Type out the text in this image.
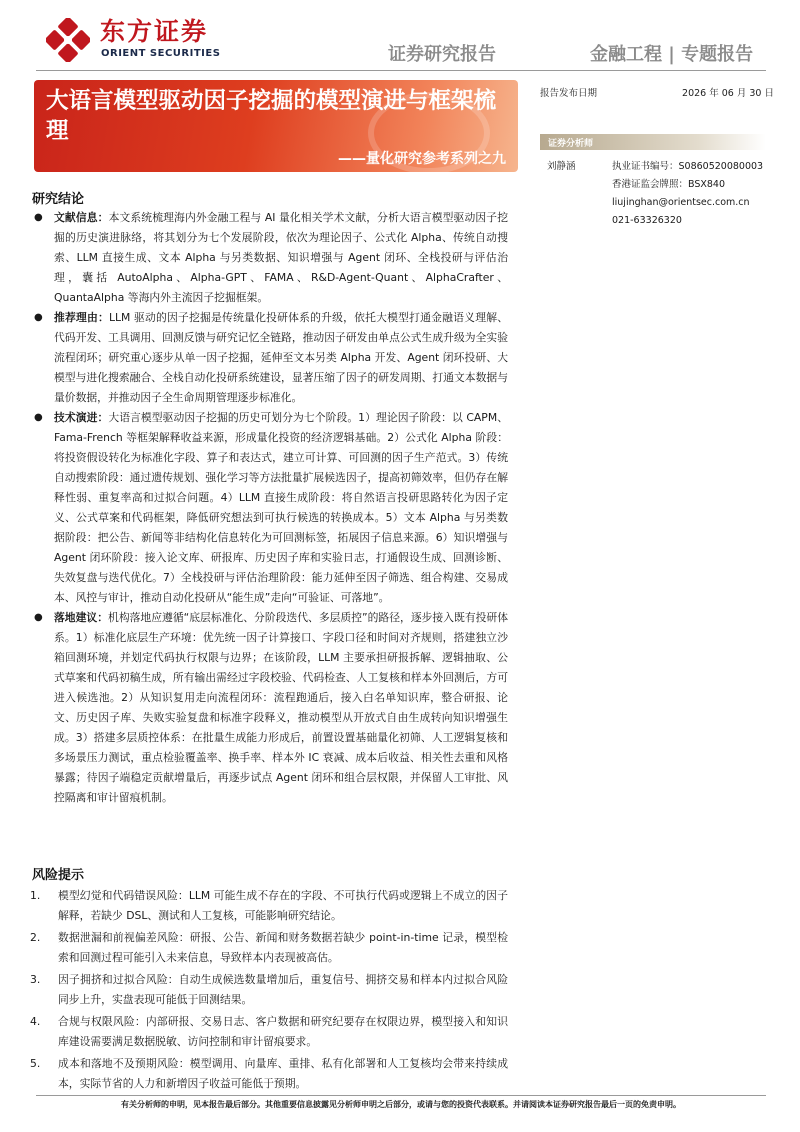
东方证券
ORIENT SECURITIES	证券研究报告	金融工程 | 专题报告
大语言模型驱动因子挖掘的模型演进与框架梳理
——量化研究参考系列之九
报告发布日期	2026 年 06 月 30 日
证券分析师
刘静涵	执业证书编号：S0860520080003
香港证监会牌照：BSX840
liujinghan@orientsec.com.cn
021-63326320
研究结论
● 文献信息：本文系统梳理海内外金融工程与 AI 量化相关学术文献，分析大语言模型驱动因子挖掘的历史演进脉络，将其划分为七个发展阶段，依次为理论因子、公式化 Alpha、传统自动搜索、LLM 直接生成、文本 Alpha 与另类数据、知识增强与 Agent 闭环、全栈投研与评估治理，囊括 AutoAlpha、Alpha-GPT、FAMA、R&D-Agent-Quant、AlphaCrafter、QuantaAlpha 等海内外主流因子挖掘框架。
● 推荐理由：LLM 驱动的因子挖掘是传统量化投研体系的升级，依托大模型打通金融语义理解、代码开发、工具调用、回测反馈与研究记忆全链路，推动因子研发由单点公式生成升级为全实验流程闭环；研究重心逐步从单一因子挖掘，延伸至文本另类 Alpha 开发、Agent 闭环投研、大模型与进化搜索融合、全栈自动化投研系统建设，显著压缩了因子的研发周期、打通文本数据与量价数据，并推动因子全生命周期管理逐步标准化。
● 技术演进：大语言模型驱动因子挖掘的历史可划分为七个阶段。1）理论因子阶段：以 CAPM、Fama-French 等框架解释收益来源，形成量化投资的经济逻辑基础。2）公式化 Alpha 阶段：将投资假设转化为标准化字段、算子和表达式，建立可计算、可回测的因子生产范式。3）传统自动搜索阶段：通过遗传规划、强化学习等方法批量扩展候选因子，提高初筛效率，但仍存在解释性弱、重复率高和过拟合问题。4）LLM 直接生成阶段：将自然语言投研思路转化为因子定义、公式草案和代码框架，降低研究想法到可执行候选的转换成本。5）文本 Alpha 与另类数据阶段：把公告、新闻等非结构化信息转化为可回测标签，拓展因子信息来源。6）知识增强与 Agent 闭环阶段：接入论文库、研报库、历史因子库和实验日志，打通假设生成、回测诊断、失效复盘与迭代优化。7）全栈投研与评估治理阶段：能力延伸至因子筛选、组合构建、交易成本、风控与审计，推动自动化投研从“能生成”走向“可验证、可落地”。
● 落地建议：机构落地应遵循“底层标准化、分阶段迭代、多层质控”的路径，逐步接入既有投研体系。1）标准化底层生产环境：优先统一因子计算接口、字段口径和时间对齐规则，搭建独立沙箱回测环境，并划定代码执行权限与边界；在该阶段，LLM 主要承担研报拆解、逻辑抽取、公式草案和代码初稿生成，所有输出需经过字段校验、代码检查、人工复核和样本外回测后，方可进入候选池。2）从知识复用走向流程闭环：流程跑通后，接入白名单知识库，整合研报、论文、历史因子库、失败实验复盘和标准字段释义，推动模型从开放式自由生成转向知识增强生成。3）搭建多层质控体系：在批量生成能力形成后，前置设置基础量化初筛、人工逻辑复核和多场景压力测试，重点检验覆盖率、换手率、样本外 IC 衰减、成本后收益、相关性去重和风格暴露；待因子端稳定贡献增量后，再逐步试点 Agent 闭环和组合层权限，并保留人工审批、风控隔离和审计留痕机制。
风险提示
1. 模型幻觉和代码错误风险：LLM 可能生成不存在的字段、不可执行代码或逻辑上不成立的因子解释，若缺少 DSL、测试和人工复核，可能影响研究结论。
2. 数据泄漏和前视偏差风险：研报、公告、新闻和财务数据若缺少 point-in-time 记录，模型检索和回测过程可能引入未来信息，导致样本内表现被高估。
3. 因子拥挤和过拟合风险：自动生成候选数量增加后，重复信号、拥挤交易和样本内过拟合风险同步上升，实盘表现可能低于回测结果。
4. 合规与权限风险：内部研报、交易日志、客户数据和研究纪要存在权限边界，模型接入和知识库建设需要满足数据脱敏、访问控制和审计留痕要求。
5. 成本和落地不及预期风险：模型调用、向量库、重排、私有化部署和人工复核均会带来持续成本，实际节省的人力和新增因子收益可能低于预期。
有关分析师的申明，见本报告最后部分。其他重要信息披露见分析师申明之后部分，或请与您的投资代表联系。并请阅读本证券研究报告最后一页的免责申明。
